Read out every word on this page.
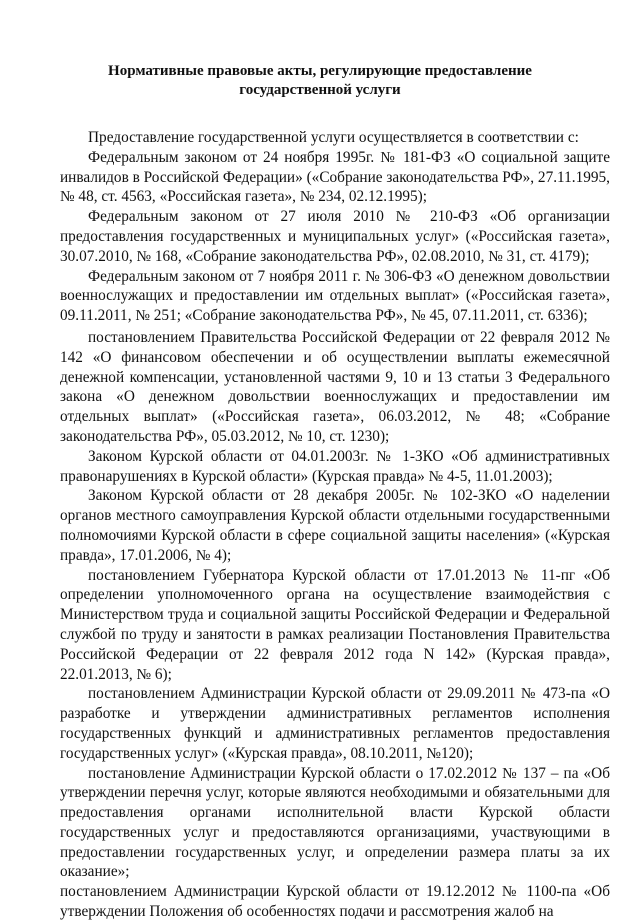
Нормативные правовые акты, регулирующие предоставление
государственной услуги

Предоставление государственной услуги осуществляется в соответствии с:

Федеральным законом от 24 ноября 1995г. № 181-ФЗ «О социальной защите инвалидов в Российской Федерации» («Собрание законодательства РФ», 27.11.1995, № 48, ст. 4563, «Российская газета», № 234, 02.12.1995);

Федеральным законом от 27 июля 2010 № 210-ФЗ «Об организации предоставления государственных и муниципальных услуг» («Российская газета», 30.07.2010, № 168, «Собрание законодательства РФ», 02.08.2010, № 31, ст. 4179);

Федеральным законом от 7 ноября 2011 г. № 306-ФЗ «О денежном довольствии военнослужащих и предоставлении им отдельных выплат» («Российская газета», 09.11.2011, № 251; «Собрание законодательства РФ», № 45, 07.11.2011, ст. 6336);

постановлением Правительства Российской Федерации от 22 февраля 2012 № 142 «О финансовом обеспечении и об осуществлении выплаты ежемесячной денежной компенсации, установленной частями 9, 10 и 13 статьи 3 Федерального закона «О денежном довольствии военнослужащих и предоставлении им отдельных выплат» («Российская газета», 06.03.2012, № 48; «Собрание законодательства РФ», 05.03.2012, № 10, ст. 1230);

Законом Курской области от 04.01.2003г. № 1-ЗКО «Об административных правонарушениях в Курской области» (Курская правда» № 4-5, 11.01.2003);

Законом Курской области от 28 декабря 2005г. № 102-ЗКО «О наделении органов местного самоуправления Курской области отдельными государственными полномочиями Курской области в сфере социальной защиты населения» («Курская правда», 17.01.2006, № 4);

постановлением Губернатора Курской области от 17.01.2013 № 11-пг «Об определении уполномоченного органа на осуществление взаимодействия с Министерством труда и социальной защиты Российской Федерации и Федеральной службой по труду и занятости в рамках реализации Постановления Правительства Российской Федерации от 22 февраля 2012 года N 142» (Курская правда», 22.01.2013, № 6);

постановлением Администрации Курской области от 29.09.2011 № 473-па «О разработке и утверждении административных регламентов исполнения государственных функций и административных регламентов предоставления государственных услуг» («Курская правда», 08.10.2011, №120);

постановление Администрации Курской области о 17.02.2012 № 137 – па «Об утверждении перечня услуг, которые являются необходимыми и обязательными для предоставления органами исполнительной власти Курской области государственных услуг и предоставляются организациями, участвующими в предоставлении государственных услуг, и определении размера платы за их оказание»;

постановлением Администрации Курской области от 19.12.2012 № 1100-па «Об утверждении Положения об особенностях подачи и рассмотрения жалоб на
